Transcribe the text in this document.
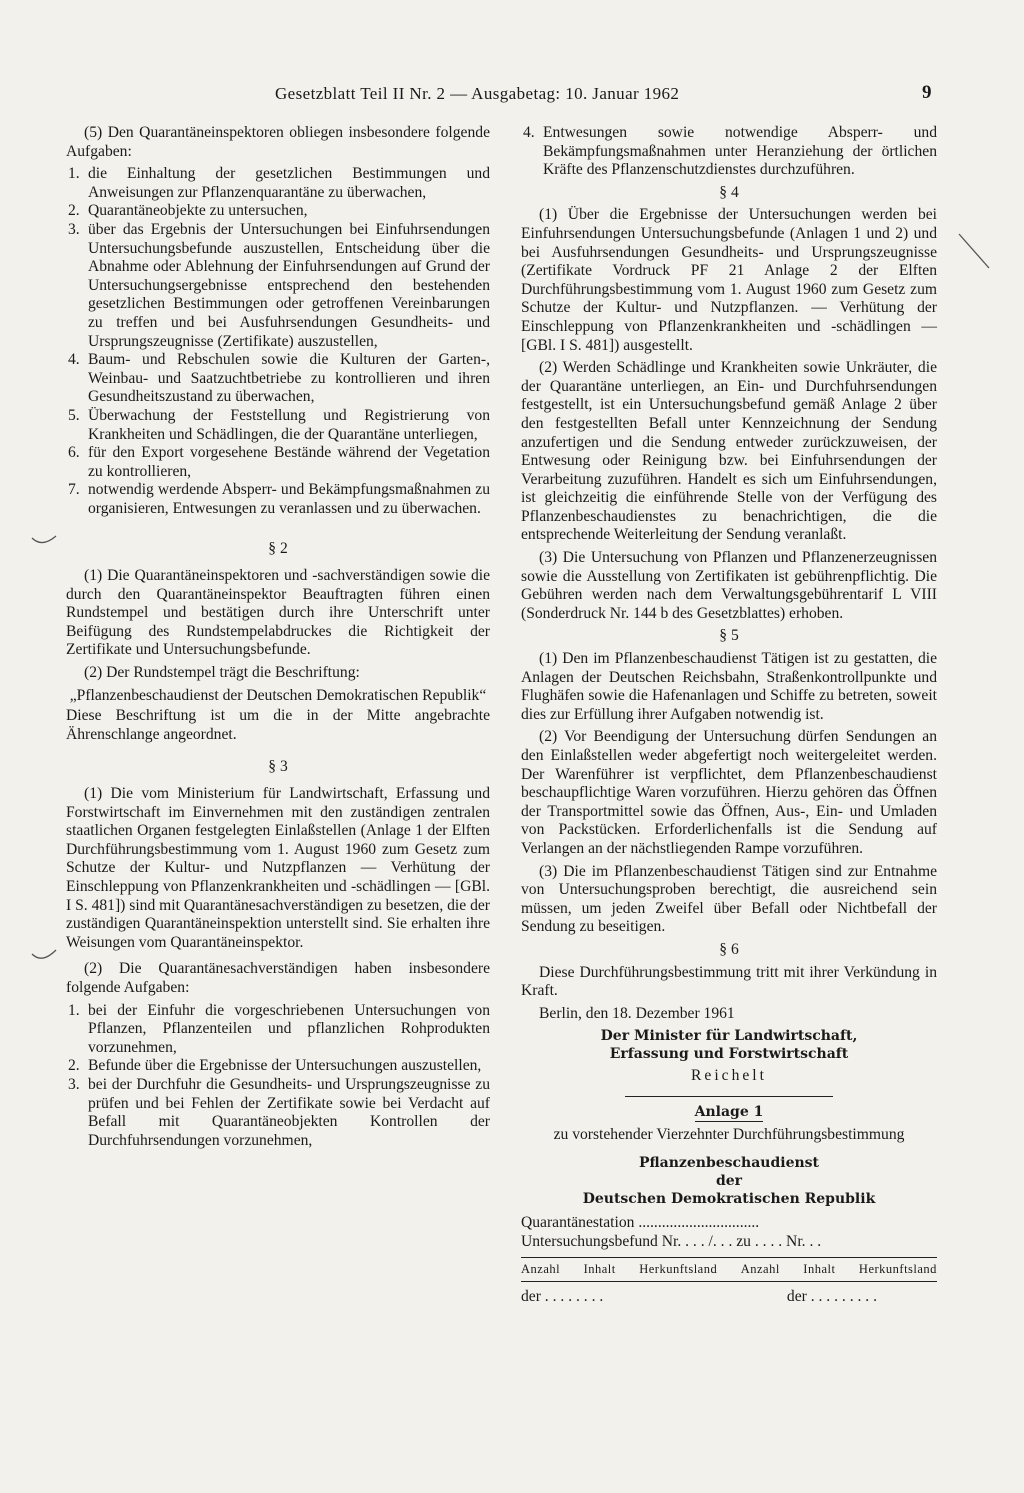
Gesetzblatt Teil II Nr. 2 — Ausgabetag: 10. Januar 1962	9

(5) Den Quarantäneinspektoren obliegen insbesondere folgende Aufgaben:

1. die Einhaltung der gesetzlichen Bestimmungen und Anweisungen zur Pflanzenquarantäne zu überwachen,
2. Quarantäneobjekte zu untersuchen,
3. über das Ergebnis der Untersuchungen bei Einfuhrsendungen Untersuchungsbefunde auszustellen, Entscheidung über die Abnahme oder Ablehnung der Einfuhrsendungen auf Grund der Untersuchungsergebnisse entsprechend den bestehenden gesetzlichen Bestimmungen oder getroffenen Vereinbarungen zu treffen und bei Ausfuhrsendungen Gesundheits- und Ursprungszeugnisse (Zertifikate) auszustellen,
4. Baum- und Rebschulen sowie die Kulturen der Garten-, Weinbau- und Saatzuchtbetriebe zu kontrollieren und ihren Gesundheitszustand zu überwachen,
5. Überwachung der Feststellung und Registrierung von Krankheiten und Schädlingen, die der Quarantäne unterliegen,
6. für den Export vorgesehene Bestände während der Vegetation zu kontrollieren,
7. notwendig werdende Absperr- und Bekämpfungsmaßnahmen zu organisieren, Entwesungen zu veranlassen und zu überwachen.
§ 2

(1) Die Quarantäneinspektoren und -sachverständigen sowie die durch den Quarantäneinspektor Beauftragten führen einen Rundstempel und bestätigen durch ihre Unterschrift unter Beifügung des Rundstempelabdruckes die Richtigkeit der Zertifikate und Untersuchungsbefunde.

(2) Der Rundstempel trägt die Beschriftung:

„Pflanzenbeschaudienst der Deutschen Demokratischen Republik“

Diese Beschriftung ist um die in der Mitte angebrachte Ährenschlange angeordnet.

§ 3

(1) Die vom Ministerium für Landwirtschaft, Erfassung und Forstwirtschaft im Einvernehmen mit den zuständigen zentralen staatlichen Organen festgelegten Einlaßstellen (Anlage 1 der Elften Durchführungsbestimmung vom 1. August 1960 zum Gesetz zum Schutze der Kultur- und Nutzpflanzen — Verhütung der Einschleppung von Pflanzenkrankheiten und -schädlingen — [GBl. I S. 481]) sind mit Quarantänesachverständigen zu besetzen, die der zuständigen Quarantäneinspektion unterstellt sind. Sie erhalten ihre Weisungen vom Quarantäneinspektor.

(2) Die Quarantänesachverständigen haben insbesondere folgende Aufgaben:

1. bei der Einfuhr die vorgeschriebenen Untersuchungen von Pflanzen, Pflanzenteilen und pflanzlichen Rohprodukten vorzunehmen,
2. Befunde über die Ergebnisse der Untersuchungen auszustellen,
3. bei der Durchfuhr die Gesundheits- und Ursprungszeugnisse zu prüfen und bei Fehlen der Zertifikate sowie bei Verdacht auf Befall mit Quarantäneobjekten Kontrollen der Durchfuhrsendungen vorzunehmen,
4. Entwesungen sowie notwendige Absperr- und Bekämpfungsmaßnahmen unter Heranziehung der örtlichen Kräfte des Pflanzenschutzdienstes durchzuführen.
§ 4

(1) Über die Ergebnisse der Untersuchungen werden bei Einfuhrsendungen Untersuchungsbefunde (Anlagen 1 und 2) und bei Ausfuhrsendungen Gesundheits- und Ursprungszeugnisse (Zertifikate Vordruck PF 21 Anlage 2 der Elften Durchführungsbestimmung vom 1. August 1960 zum Gesetz zum Schutze der Kultur- und Nutzpflanzen. — Verhütung der Einschleppung von Pflanzenkrankheiten und -schädlingen — [GBl. I S. 481]) ausgestellt.

(2) Werden Schädlinge und Krankheiten sowie Unkräuter, die der Quarantäne unterliegen, an Ein- und Durchfuhrsendungen festgestellt, ist ein Untersuchungsbefund gemäß Anlage 2 über den festgestellten Befall unter Kennzeichnung der Sendung anzufertigen und die Sendung entweder zurückzuweisen, der Entwesung oder Reinigung bzw. bei Einfuhrsendungen der Verarbeitung zuzuführen. Handelt es sich um Einfuhrsendungen, ist gleichzeitig die einführende Stelle von der Verfügung des Pflanzenbeschaudienstes zu benachrichtigen, die die entsprechende Weiterleitung der Sendung veranlaßt.

(3) Die Untersuchung von Pflanzen und Pflanzenerzeugnissen sowie die Ausstellung von Zertifikaten ist gebührenpflichtig. Die Gebühren werden nach dem Verwaltungsgebührentarif L VIII (Sonderdruck Nr. 144 b des Gesetzblattes) erhoben.

§ 5

(1) Den im Pflanzenbeschaudienst Tätigen ist zu gestatten, die Anlagen der Deutschen Reichsbahn, Straßenkontrollpunkte und Flughäfen sowie die Hafenanlagen und Schiffe zu betreten, soweit dies zur Erfüllung ihrer Aufgaben notwendig ist.

(2) Vor Beendigung der Untersuchung dürfen Sendungen an den Einlaßstellen weder abgefertigt noch weitergeleitet werden. Der Warenführer ist verpflichtet, dem Pflanzenbeschaudienst beschaupflichtige Waren vorzuführen. Hierzu gehören das Öffnen der Transportmittel sowie das Öffnen, Aus-, Ein- und Umladen von Packstücken. Erforderlichenfalls ist die Sendung auf Verlangen an der nächstliegenden Rampe vorzuführen.

(3) Die im Pflanzenbeschaudienst Tätigen sind zur Entnahme von Untersuchungsproben berechtigt, die ausreichend sein müssen, um jeden Zweifel über Befall oder Nichtbefall der Sendung zu beseitigen.

§ 6

Diese Durchführungsbestimmung tritt mit ihrer Verkündung in Kraft.

Berlin, den 18. Dezember 1961

Der Minister für Landwirtschaft,
Erfassung und Forstwirtschaft
Reichelt
Anlage 1
zu vorstehender Vierzehnter Durchführungsbestimmung
Pflanzenbeschaudienst
der
Deutschen Demokratischen Republik
Quarantänestation ...............................
Untersuchungsbefund Nr. . . . /. . . zu . . . . Nr. . .
Anzahl Inhalt Herkunftsland Anzahl Inhalt Herkunftsland
der . . . . . . . .	der . . . . . . . . .
